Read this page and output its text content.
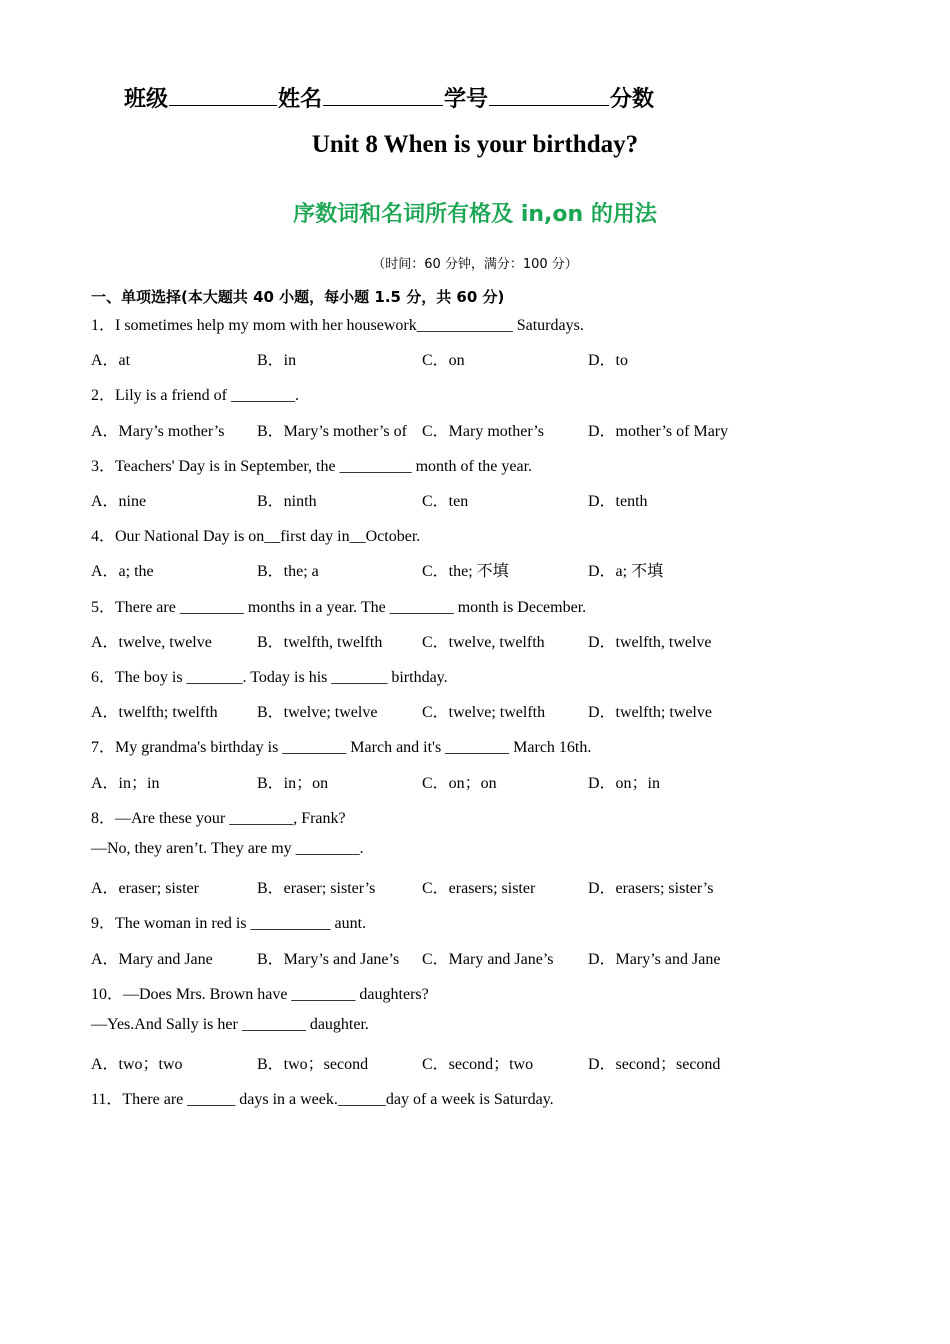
班级	姓名	学号	分数
Unit 8 When is your birthday?
序数词和名词所有格及 in,on 的用法
（时间：60 分钟，满分：100 分）
一、单项选择(本大题共 40 小题，每小题 1.5 分，共 60 分)
1．I sometimes help my mom with her housework____________ Saturdays.
A．at	B．in	C．on	D．to
2．Lily is a friend of ________.
A．Mary’s mother’s B．Mary’s mother’s of C．Mary mother’s	D．mother’s of Mary
3．Teachers' Day is in September, the _________ month of the year.
A．nine	B．ninth	C．ten	D．tenth
4．Our National Day is on__first day in__October.
A．a; the	B．the; a	C．the; 不填	D．a; 不填
5．There are ________ months in a year. The ________ month is December.
A．twelve, twelve	B．twelfth, twelfth C．twelve, twelfth	D．twelfth, twelve
6．The boy is _______. Today is his _______ birthday.
A．twelfth; twelfth B．twelve; twelve	C．twelve; twelfth	D．twelfth; twelve
7．My grandma's birthday is ________ March and it's ________ March 16th.
A．in；in	B．in；on	C．on；on	D．on；in
8．—Are these your ________, Frank?
—No, they aren’t. They are my ________.
A．eraser; sister	B．eraser; sister’s	C．erasers; sister	D．erasers; sister’s
9．The woman in red is __________ aunt.
A．Mary and Jane	B．Mary’s and Jane’s C．Mary and Jane’s D．Mary’s and Jane
10．—Does Mrs. Brown have ________ daughters?
—Yes.And Sally is her ________ daughter.
A．two；two	B．two；second	C．second；two	D．second；second
11．There are ______ days in a week.______day of a week is Saturday.
